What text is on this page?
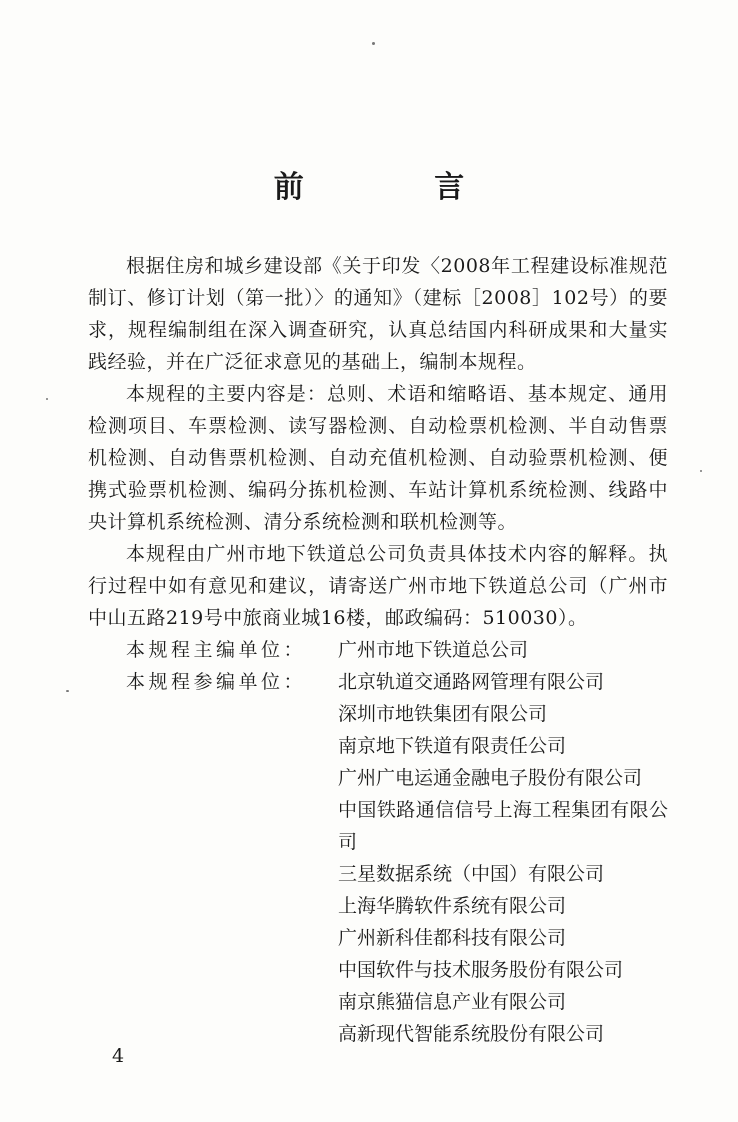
前 言

根据住房和城乡建设部《关于印发〈2008年工程建设标准规范制订、修订计划（第一批）〉的通知》（建标［2008］102号）的要求，规程编制组在深入调查研究，认真总结国内科研成果和大量实践经验，并在广泛征求意见的基础上，编制本规程。

本规程的主要内容是：总则、术语和缩略语、基本规定、通用检测项目、车票检测、读写器检测、自动检票机检测、半自动售票机检测、自动售票机检测、自动充值机检测、自动验票机检测、便携式验票机检测、编码分拣机检测、车站计算机系统检测、线路中央计算机系统检测、清分系统检测和联机检测等。

本规程由广州市地下铁道总公司负责具体技术内容的解释。执行过程中如有意见和建议，请寄送广州市地下铁道总公司（广州市中山五路219号中旅商业城16楼，邮政编码：510030）。

本规程主编单位：	广州市地下铁道总公司
本规程参编单位：	北京轨道交通路网管理有限公司
深圳市地铁集团有限公司
南京地下铁道有限责任公司
广州广电运通金融电子股份有限公司
中国铁路通信信号上海工程集团有限公司
三星数据系统（中国）有限公司
上海华腾软件系统有限公司
广州新科佳都科技有限公司
中国软件与技术服务股份有限公司
南京熊猫信息产业有限公司
高新现代智能系统股份有限公司
4
